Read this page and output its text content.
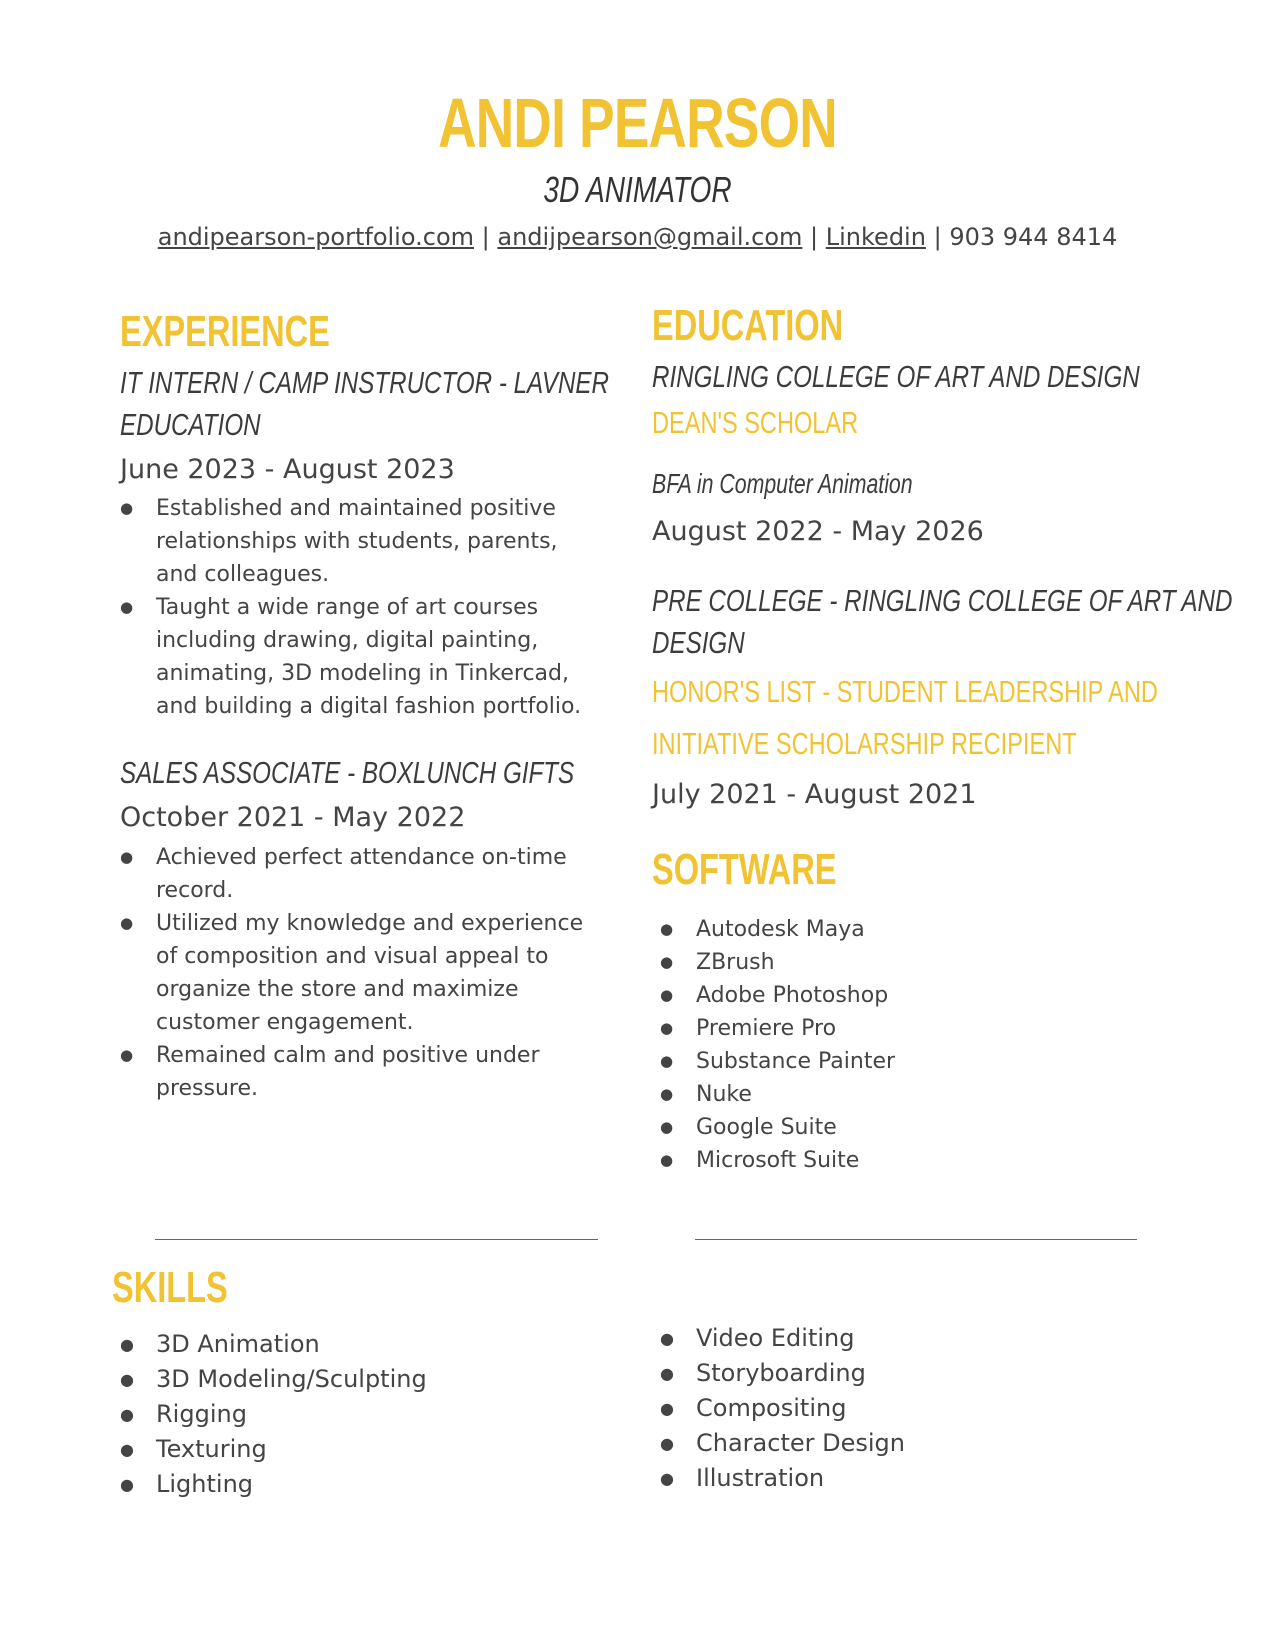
ANDI PEARSON
3D ANIMATOR
andipearson-portfolio.com | andijpearson@gmail.com | Linkedin | 903 944 8414
EXPERIENCE
IT INTERN / CAMP INSTRUCTOR - LAVNER
EDUCATION
June 2023 - August 2023
● Established and maintained positive relationships with students, parents, and colleagues.
● Taught a wide range of art courses including drawing, digital painting, animating, 3D modeling in Tinkercad, and building a digital fashion portfolio.
SALES ASSOCIATE - BOXLUNCH GIFTS
October 2021 - May 2022
● Achieved perfect attendance on-time record.
● Utilized my knowledge and experience of composition and visual appeal to organize the store and maximize customer engagement.
● Remained calm and positive under pressure.
EDUCATION
RINGLING COLLEGE OF ART AND DESIGN
DEAN'S SCHOLAR
BFA in Computer Animation
August 2022 - May 2026
PRE COLLEGE - RINGLING COLLEGE OF ART AND
DESIGN
HONOR'S LIST - STUDENT LEADERSHIP AND
INITIATIVE SCHOLARSHIP RECIPIENT
July 2021 - August 2021
SOFTWARE
● Autodesk Maya
● ZBrush
● Adobe Photoshop
● Premiere Pro
● Substance Painter
● Nuke
● Google Suite
● Microsoft Suite
SKILLS
● 3D Animation
● 3D Modeling/Sculpting
● Rigging
● Texturing
● Lighting
● Video Editing
● Storyboarding
● Compositing
● Character Design
● Illustration
